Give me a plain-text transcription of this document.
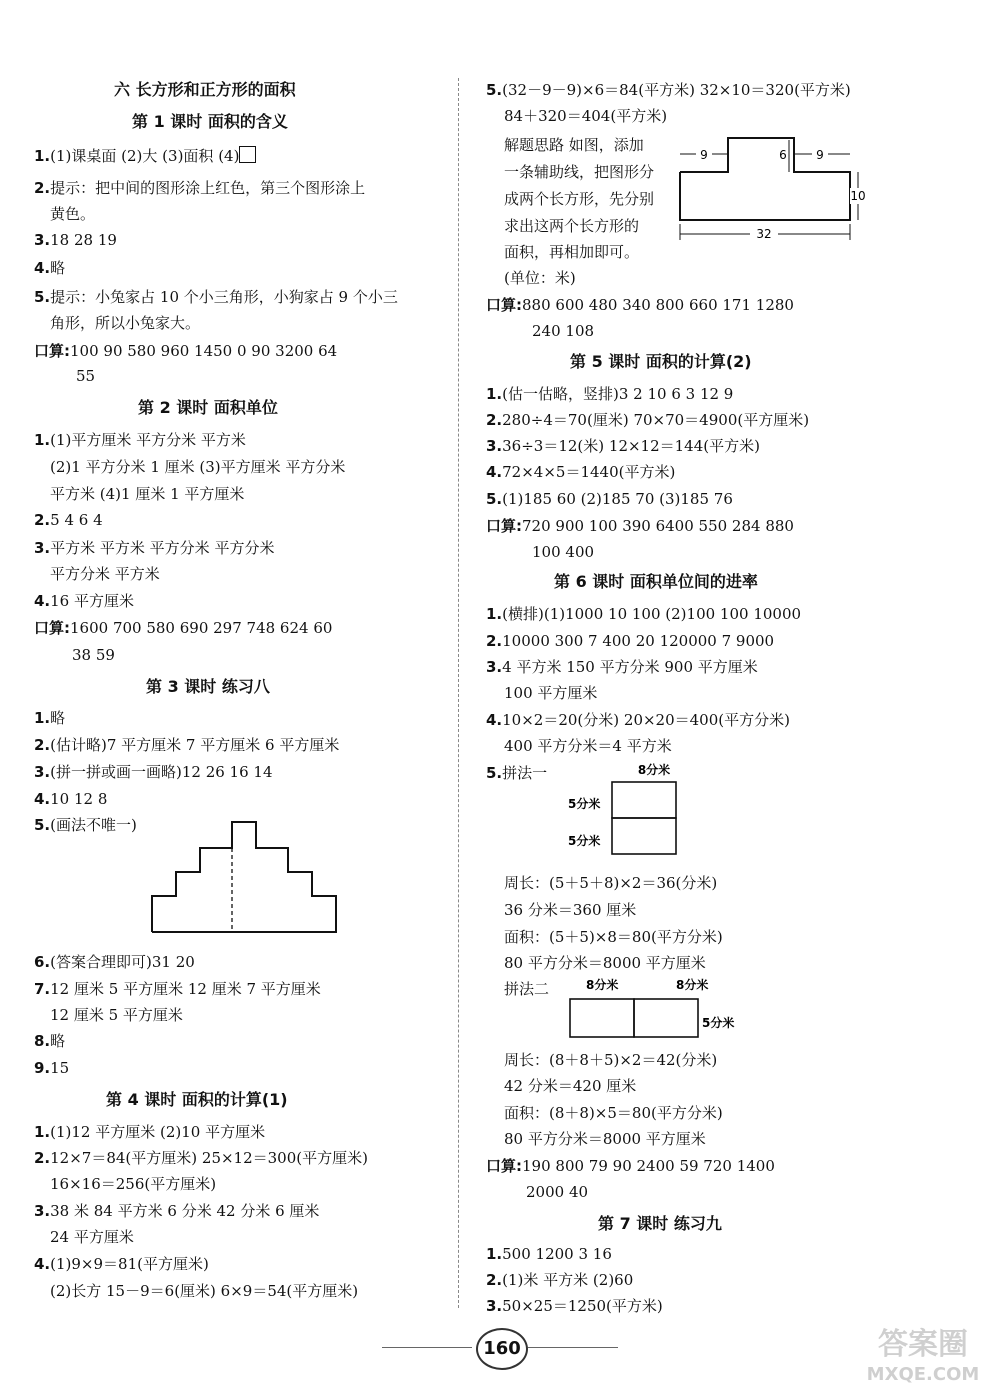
六 长方形和正方形的面积
第 1 课时 面积的含义
1.(1)课桌面 (2)大 (3)面积 (4)
2.提示：把中间的图形涂上红色，第三个图形涂上
黄色。
3.18 28 19
4.略
5.提示：小兔家占 10 个小三角形，小狗家占 9 个小三
角形，所以小兔家大。
口算:100 90 580 960 1450 0 90 3200 64
55
第 2 课时 面积单位
1.(1)平方厘米 平方分米 平方米
(2)1 平方分米 1 厘米 (3)平方厘米 平方分米
平方米 (4)1 厘米 1 平方厘米
2.5 4 6 4
3.平方米 平方米 平方分米 平方分米
平方分米 平方米
4.16 平方厘米
口算:1600 700 580 690 297 748 624 60
38 59
第 3 课时 练习八
1.略
2.(估计略)7 平方厘米 7 平方厘米 6 平方厘米
3.(拼一拼或画一画略)12 26 16 14
4.10 12 8
5.(画法不唯一)
6.(答案合理即可)31 20
7.12 厘米 5 平方厘米 12 厘米 7 平方厘米
12 厘米 5 平方厘米
8.略
9.15
第 4 课时 面积的计算(1)
1.(1)12 平方厘米 (2)10 平方厘米
2.12×7＝84(平方厘米) 25×12＝300(平方厘米)
16×16＝256(平方厘米)
3.38 米 84 平方米 6 分米 42 分米 6 厘米
24 平方厘米
4.(1)9×9＝81(平方厘米)
(2)长方 15－9＝6(厘米) 6×9＝54(平方厘米)
5.(32－9－9)×6＝84(平方米) 32×10＝320(平方米)
84＋320＝404(平方米)
解题思路 如图，添加
一条辅助线，把图形分
成两个长方形，先分别
求出这两个长方形的
面积，再相加即可。
(单位：米)
9	9
6
10
32
口算:880 600 480 340 800 660 171 1280
240 108
第 5 课时 面积的计算(2)
1.(估一估略，竖排)3 2 10 6 3 12 9
2.280÷4＝70(厘米) 70×70＝4900(平方厘米)
3.36÷3＝12(米) 12×12＝144(平方米)
4.72×4×5＝1440(平方米)
5.(1)185 60 (2)185 70 (3)185 76
口算:720 900 100 390 6400 550 284 880
100 400
第 6 课时 面积单位间的进率
1.(横排)(1)1000 10 100 (2)100 100 10000
2.10000 300 7 400 20 120000 7 9000
3.4 平方米 150 平方分米 900 平方厘米
100 平方厘米
4.10×2＝20(分米) 20×20＝400(平方分米)
400 平方分米＝4 平方米
5.拼法一	8分米
5分米
5分米
周长：(5＋5＋8)×2＝36(分米)
36 分米＝360 厘米
面积：(5＋5)×8＝80(平方分米)
80 平方分米＝8000 平方厘米
拼法二	8分米	8分米
5分米
周长：(8＋8＋5)×2＝42(分米)
42 分米＝420 厘米
面积：(8＋8)×5＝80(平方分米)
80 平方分米＝8000 平方厘米
口算:190 800 79 90 2400 59 720 1400
2000 40
第 7 课时 练习九
1.500 1200 3 16
2.(1)米 平方米 (2)60
3.50×25＝1250(平方米)
160	答案圈
MXQE.COM
